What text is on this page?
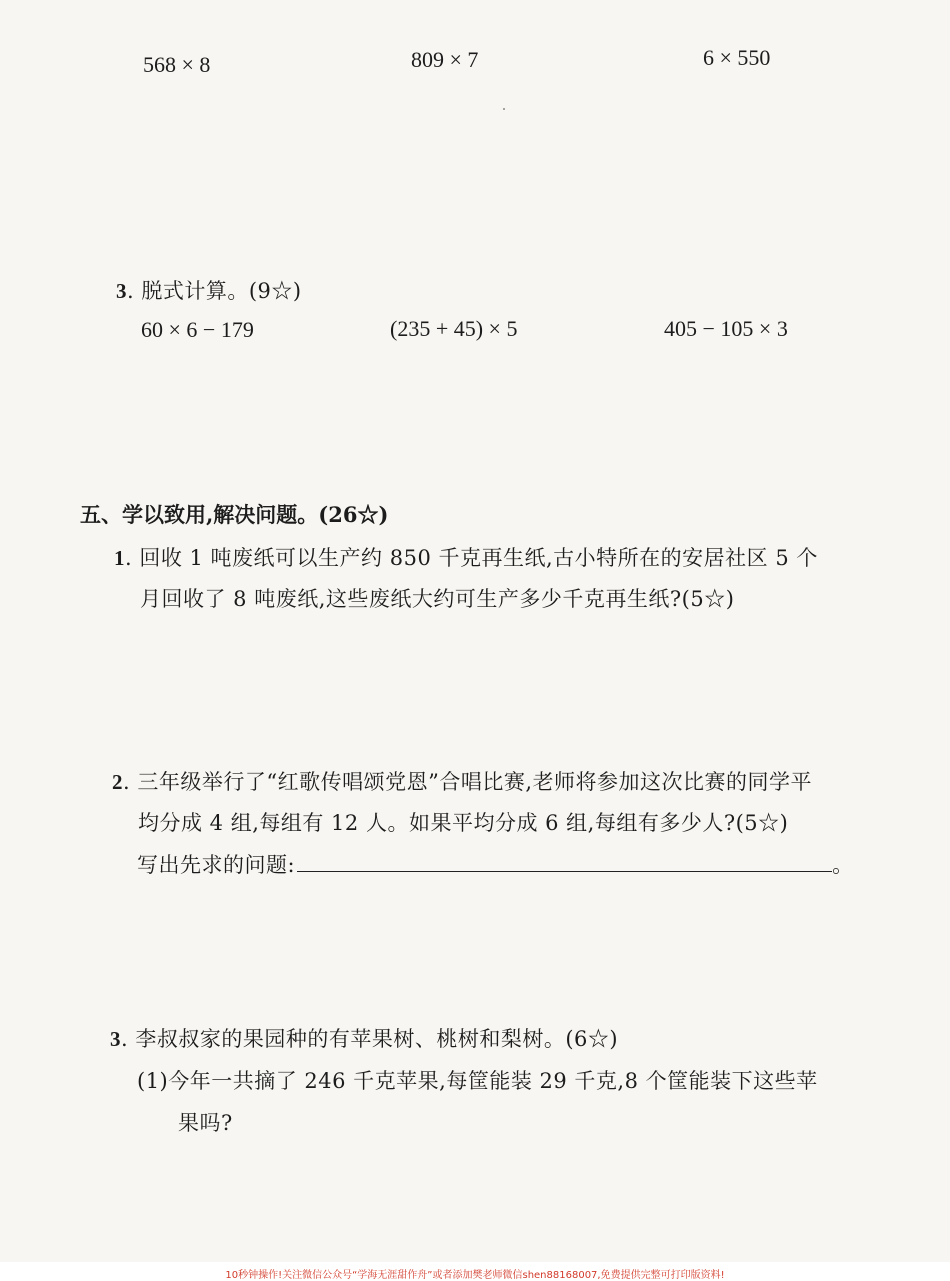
568 × 8	809 × 7	6 × 550
3. 脱式计算。(9☆)
60 × 6 − 179	(235 + 45) × 5	405 − 105 × 3
五、学以致用,解决问题。(26☆)
1. 回收 1 吨废纸可以生产约 850 千克再生纸,古小特所在的安居社区 5 个
月回收了 8 吨废纸,这些废纸大约可生产多少千克再生纸?(5☆)
2. 三年级举行了“红歌传唱颂党恩”合唱比赛,老师将参加这次比赛的同学平
均分成 4 组,每组有 12 人。如果平均分成 6 组,每组有多少人?(5☆)
写出先求的问题:	。
3. 李叔叔家的果园种的有苹果树、桃树和梨树。(6☆)
(1)今年一共摘了 246 千克苹果,每筐能装 29 千克,8 个筐能装下这些苹
果吗?
10秒钟操作!关注微信公众号“学海无涯甜作舟”或者添加樊老师微信shen88168007,免费提供完整可打印版资料!
